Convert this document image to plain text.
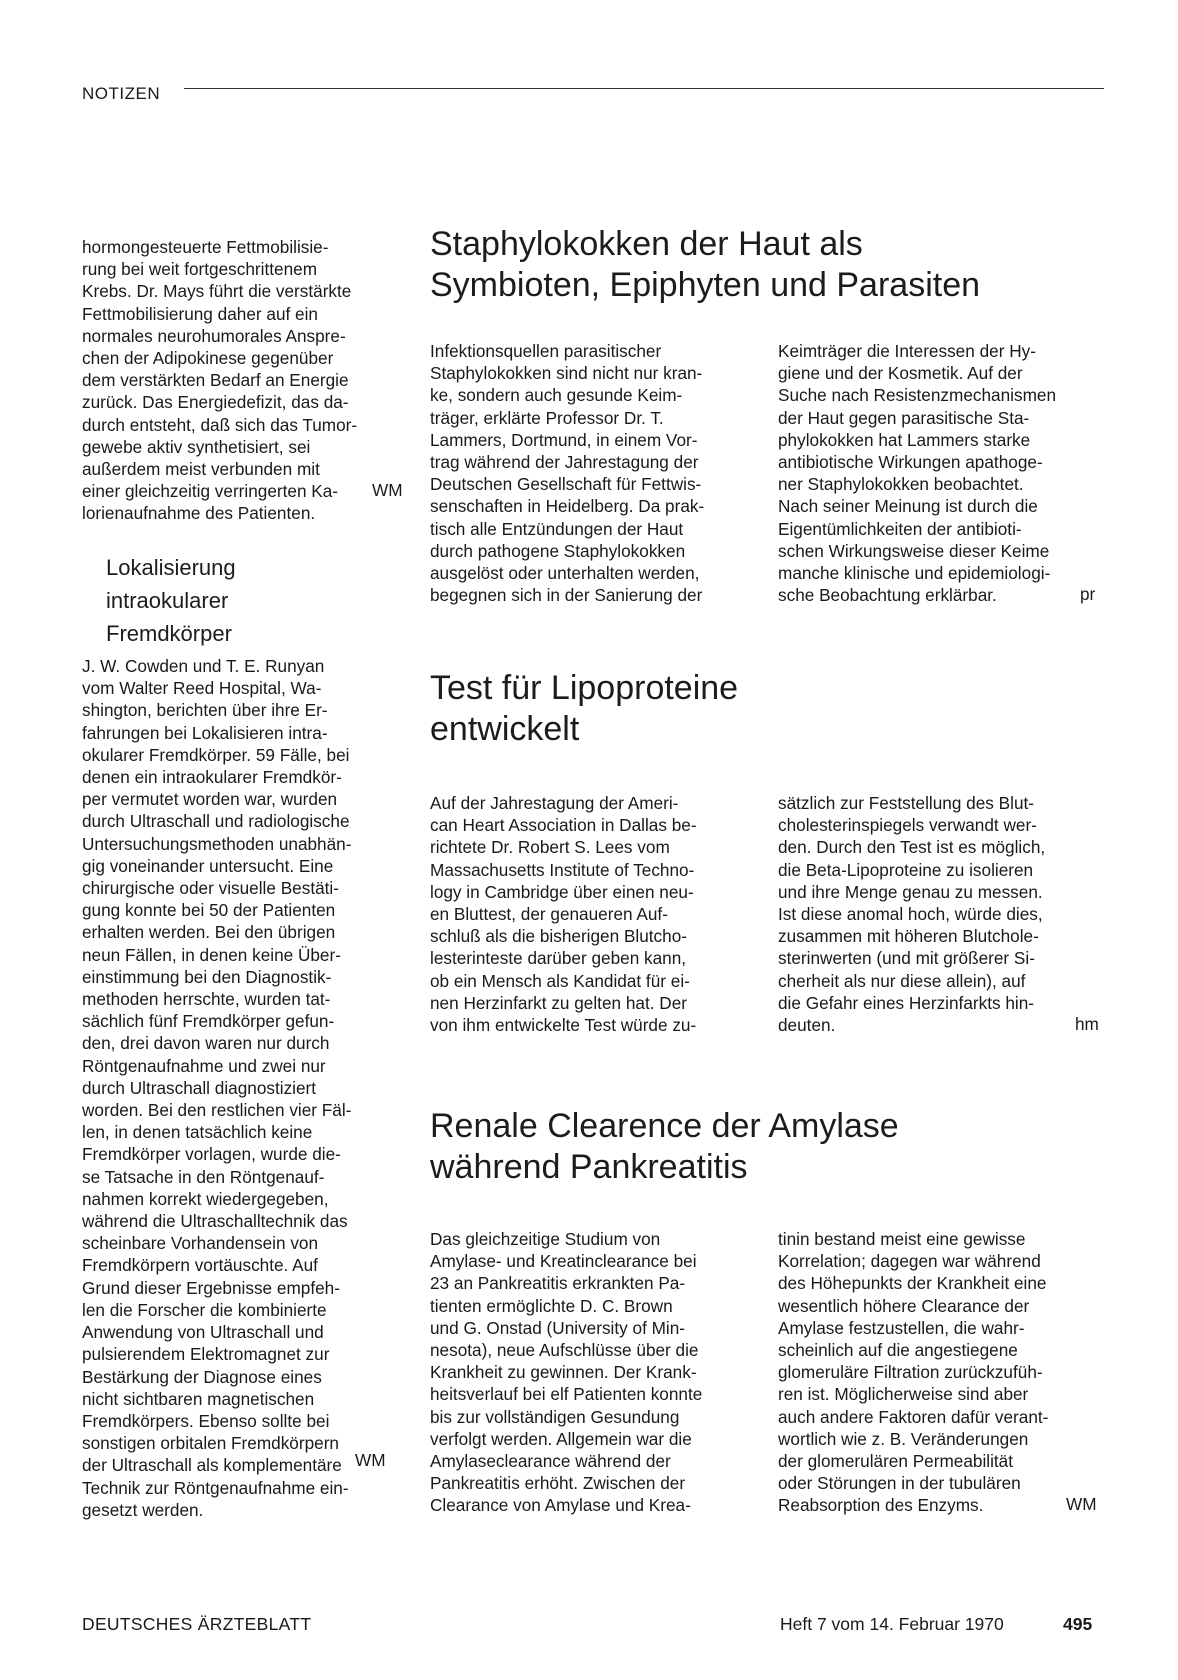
NOTIZEN
hormongesteuerte Fettmobilisie-
rung bei weit fortgeschrittenem
Krebs. Dr. Mays führt die verstärkte
Fettmobilisierung daher auf ein
normales neurohumorales Anspre-
chen der Adipokinese gegenüber
dem verstärkten Bedarf an Energie
zurück. Das Energiedefizit, das da-
durch entsteht, daß sich das Tumor-
gewebe aktiv synthetisiert, sei
außerdem meist verbunden mit
einer gleichzeitig verringerten Ka-
lorienaufnahme des Patienten.
WM
Lokalisierung
intraokularer
Fremdkörper
J. W. Cowden und T. E. Runyan
vom Walter Reed Hospital, Wa-
shington, berichten über ihre Er-
fahrungen bei Lokalisieren intra-
okularer Fremdkörper. 59 Fälle, bei
denen ein intraokularer Fremdkör-
per vermutet worden war, wurden
durch Ultraschall und radiologische
Untersuchungsmethoden unabhän-
gig voneinander untersucht. Eine
chirurgische oder visuelle Bestäti-
gung konnte bei 50 der Patienten
erhalten werden. Bei den übrigen
neun Fällen, in denen keine Über-
einstimmung bei den Diagnostik-
methoden herrschte, wurden tat-
sächlich fünf Fremdkörper gefun-
den, drei davon waren nur durch
Röntgenaufnahme und zwei nur
durch Ultraschall diagnostiziert
worden. Bei den restlichen vier Fäl-
len, in denen tatsächlich keine
Fremdkörper vorlagen, wurde die-
se Tatsache in den Röntgenauf-
nahmen korrekt wiedergegeben,
während die Ultraschalltechnik das
scheinbare Vorhandensein von
Fremdkörpern vortäuschte. Auf
Grund dieser Ergebnisse empfeh-
len die Forscher die kombinierte
Anwendung von Ultraschall und
pulsierendem Elektromagnet zur
Bestärkung der Diagnose eines
nicht sichtbaren magnetischen
Fremdkörpers. Ebenso sollte bei
sonstigen orbitalen Fremdkörpern
der Ultraschall als komplementäre
Technik zur Röntgenaufnahme ein-
gesetzt werden.
WM
Staphylokokken der Haut als
Symbioten, Epiphyten und Parasiten
Infektionsquellen parasitischer
Staphylokokken sind nicht nur kran-
ke, sondern auch gesunde Keim-
träger, erklärte Professor Dr. T.
Lammers, Dortmund, in einem Vor-
trag während der Jahrestagung der
Deutschen Gesellschaft für Fettwis-
senschaften in Heidelberg. Da prak-
tisch alle Entzündungen der Haut
durch pathogene Staphylokokken
ausgelöst oder unterhalten werden,
begegnen sich in der Sanierung der
Keimträger die Interessen der Hy-
giene und der Kosmetik. Auf der
Suche nach Resistenzmechanismen
der Haut gegen parasitische Sta-
phylokokken hat Lammers starke
antibiotische Wirkungen apathoge-
ner Staphylokokken beobachtet.
Nach seiner Meinung ist durch die
Eigentümlichkeiten der antibioti-
schen Wirkungsweise dieser Keime
manche klinische und epidemiologi-
sche Beobachtung erklärbar.	pr
Test für Lipoproteine
entwickelt
Auf der Jahrestagung der Ameri-
can Heart Association in Dallas be-
richtete Dr. Robert S. Lees vom
Massachusetts Institute of Techno-
logy in Cambridge über einen neu-
en Bluttest, der genaueren Auf-
schluß als die bisherigen Blutcho-
lesterinteste darüber geben kann,
ob ein Mensch als Kandidat für ei-
nen Herzinfarkt zu gelten hat. Der
von ihm entwickelte Test würde zu-
sätzlich zur Feststellung des Blut-
cholesterinspiegels verwandt wer-
den. Durch den Test ist es möglich,
die Beta-Lipoproteine zu isolieren
und ihre Menge genau zu messen.
Ist diese anomal hoch, würde dies,
zusammen mit höheren Blutchole-
sterinwerten (und mit größerer Si-
cherheit als nur diese allein), auf
die Gefahr eines Herzinfarkts hin-
deuten.	hm
Renale Clearence der Amylase
während Pankreatitis
Das gleichzeitige Studium von
Amylase- und Kreatinclearance bei
23 an Pankreatitis erkrankten Pa-
tienten ermöglichte D. C. Brown
und G. Onstad (University of Min-
nesota), neue Aufschlüsse über die
Krankheit zu gewinnen. Der Krank-
heitsverlauf bei elf Patienten konnte
bis zur vollständigen Gesundung
verfolgt werden. Allgemein war die
Amylaseclearance während der
Pankreatitis erhöht. Zwischen der
Clearance von Amylase und Krea-
tinin bestand meist eine gewisse
Korrelation; dagegen war während
des Höhepunkts der Krankheit eine
wesentlich höhere Clearance der
Amylase festzustellen, die wahr-
scheinlich auf die angestiegene
glomeruläre Filtration zurückzufüh-
ren ist. Möglicherweise sind aber
auch andere Faktoren dafür verant-
wortlich wie z. B. Veränderungen
der glomerulären Permeabilität
oder Störungen in der tubulären
Reabsorption des Enzyms.	WM
DEUTSCHES ÄRZTEBLATT	Heft 7 vom 14. Februar 1970	495
